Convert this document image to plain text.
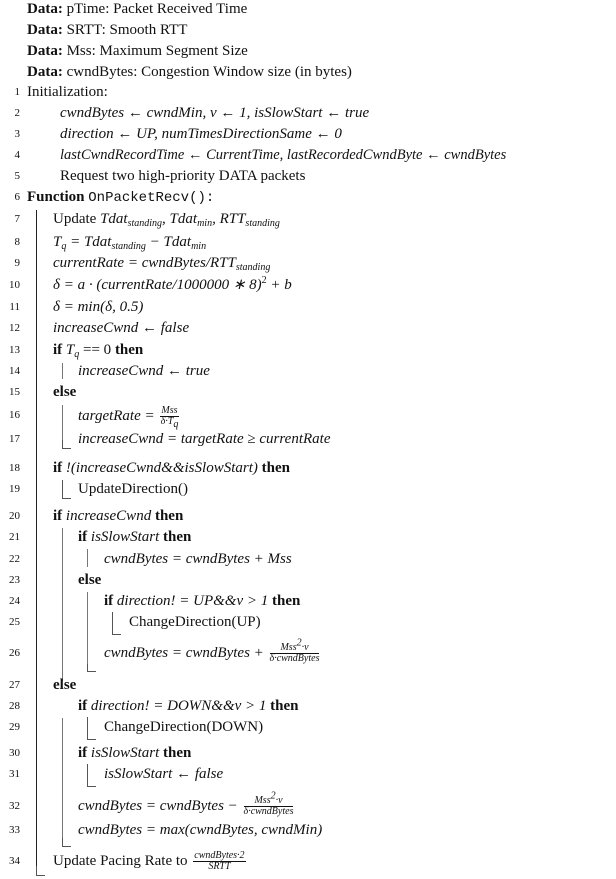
Data: pTime: Packet Received Time
Data: SRTT: Smooth RTT
Data: Mss: Maximum Segment Size
Data: cwndBytes: Congestion Window size (in bytes)
1
2
3
4
5
6
7
8
9
10
11
12
13
14
15
16
17
18
19
20
21
22
23
24
25
26
27
28
29
30
31
32
33
34
Initialization:
cwndBytes ← cwndMin, v ← 1, isSlowStart ← true
direction ← UP, numTimesDirectionSame ← 0
lastCwndRecordTime ← CurrentTime, lastRecordedCwndByte ← cwndBytes
Request two high-priority DATA packets
Function OnPacketRecv():
Update Tdat$_{standing}$, Tdat$_{min}$, $RTT_{standing}$
$T_q$ = Tdat$_{standing}$ − Tdat$_{min}$
currentRate = cwndBytes/$RTT_{standing}$
δ = a · (currentRate/1000000 ∗ 8)$^2$ + b
δ = min(δ, 0.5)
increaseCwnd ← false
if $T_q == 0$ then
increaseCwnd ← true
else
targetRate = $\frac{\text{Mss}}{\delta\cdot T_q}$
increaseCwnd = targetRate ≥ currentRate
if !(increaseCwnd&&isSlowStart) then
UpdateDirection()
if increaseCwnd then
if isSlowStart then
cwndBytes = cwndBytes + Mss
else
if direction! = UP&&v > 1 then
ChangeDirection(UP)
cwndBytes = cwndBytes + $\frac{Mss^2\cdot v}{\text{δ·cwndBytes}}$
else
if direction! = DOWN&&v > 1 then
ChangeDirection(DOWN)
if isSlowStart then
isSlowStart ← false
cwndBytes = cwndBytes − $\frac{Mss^2\cdot v}{\text{δ·cwndBytes}}$
cwndBytes = max(cwndBytes, cwndMin)
Update Pacing Rate to $\frac{\text{cwndBytes·2}}{\text{SRTT}}$
